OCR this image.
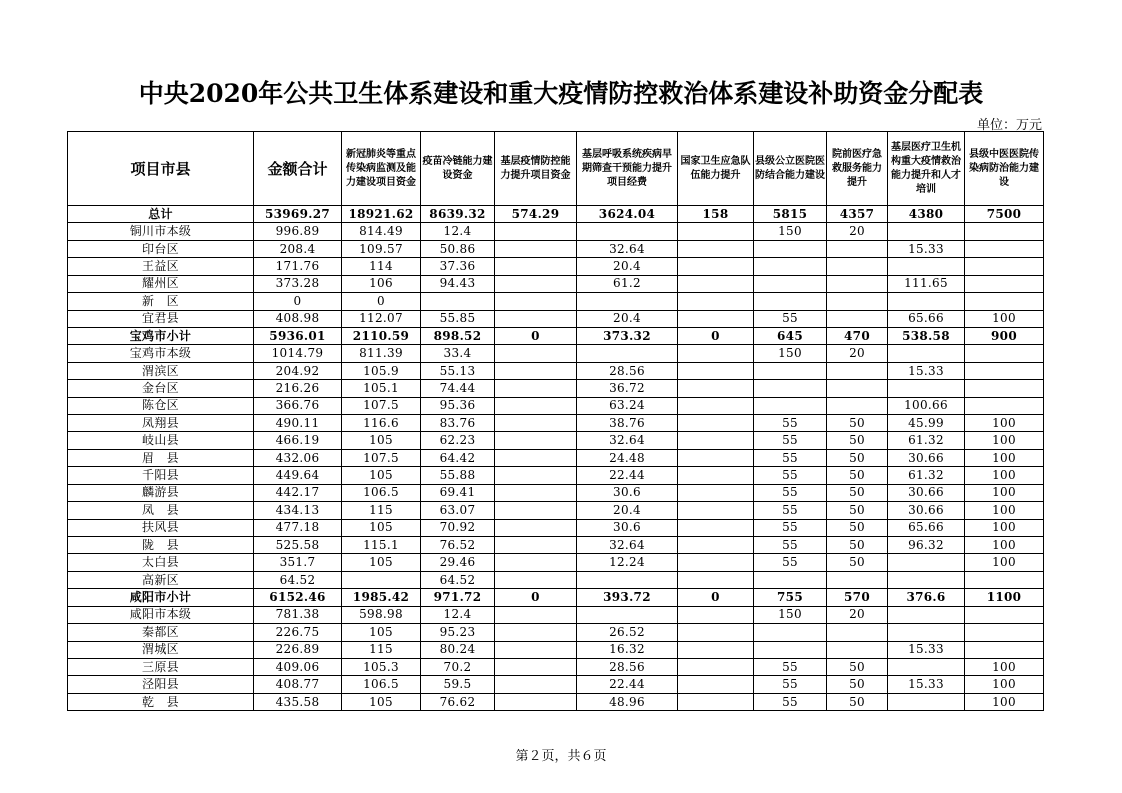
中央2020年公共卫生体系建设和重大疫情防控救治体系建设补助资金分配表
单位：万元
项目市县	金额合计	新冠肺炎等重点传染病监测及能力建设项目资金	疫苗冷链能力建设资金	基层疫情防控能力提升项目资金	基层呼吸系统疾病早期筛查干预能力提升项目经费	国家卫生应急队伍能力提升	县级公立医院医防结合能力建设	院前医疗急救服务能力提升	基层医疗卫生机构重大疫情救治能力提升和人才培训	县级中医医院传染病防治能力建设
总计	53969.27	18921.62	8639.32	574.29	3624.04	158	5815	4357	4380	7500
铜川市本级	996.89	814.49	12.4				150	20		
印台区	208.4	109.57	50.86		32.64				15.33	
王益区	171.76	114	37.36		20.4					
耀州区	373.28	106	94.43		61.2				111.65	
新　区	0	0								
宜君县	408.98	112.07	55.85		20.4		55		65.66	100
宝鸡市小计	5936.01	2110.59	898.52	0	373.32	0	645	470	538.58	900
宝鸡市本级	1014.79	811.39	33.4				150	20		
渭滨区	204.92	105.9	55.13		28.56				15.33	
金台区	216.26	105.1	74.44		36.72					
陈仓区	366.76	107.5	95.36		63.24				100.66	
凤翔县	490.11	116.6	83.76		38.76		55	50	45.99	100
岐山县	466.19	105	62.23		32.64		55	50	61.32	100
眉　县	432.06	107.5	64.42		24.48		55	50	30.66	100
千阳县	449.64	105	55.88		22.44		55	50	61.32	100
麟游县	442.17	106.5	69.41		30.6		55	50	30.66	100
凤　县	434.13	115	63.07		20.4		55	50	30.66	100
扶风县	477.18	105	70.92		30.6		55	50	65.66	100
陇　县	525.58	115.1	76.52		32.64		55	50	96.32	100
太白县	351.7	105	29.46		12.24		55	50		100
高新区	64.52		64.52							
咸阳市小计	6152.46	1985.42	971.72	0	393.72	0	755	570	376.6	1100
咸阳市本级	781.38	598.98	12.4				150	20		
秦都区	226.75	105	95.23		26.52					
渭城区	226.89	115	80.24		16.32				15.33	
三原县	409.06	105.3	70.2		28.56		55	50		100
泾阳县	408.77	106.5	59.5		22.44		55	50	15.33	100
乾　县	435.58	105	76.62		48.96		55	50		100
第２页，共６页
